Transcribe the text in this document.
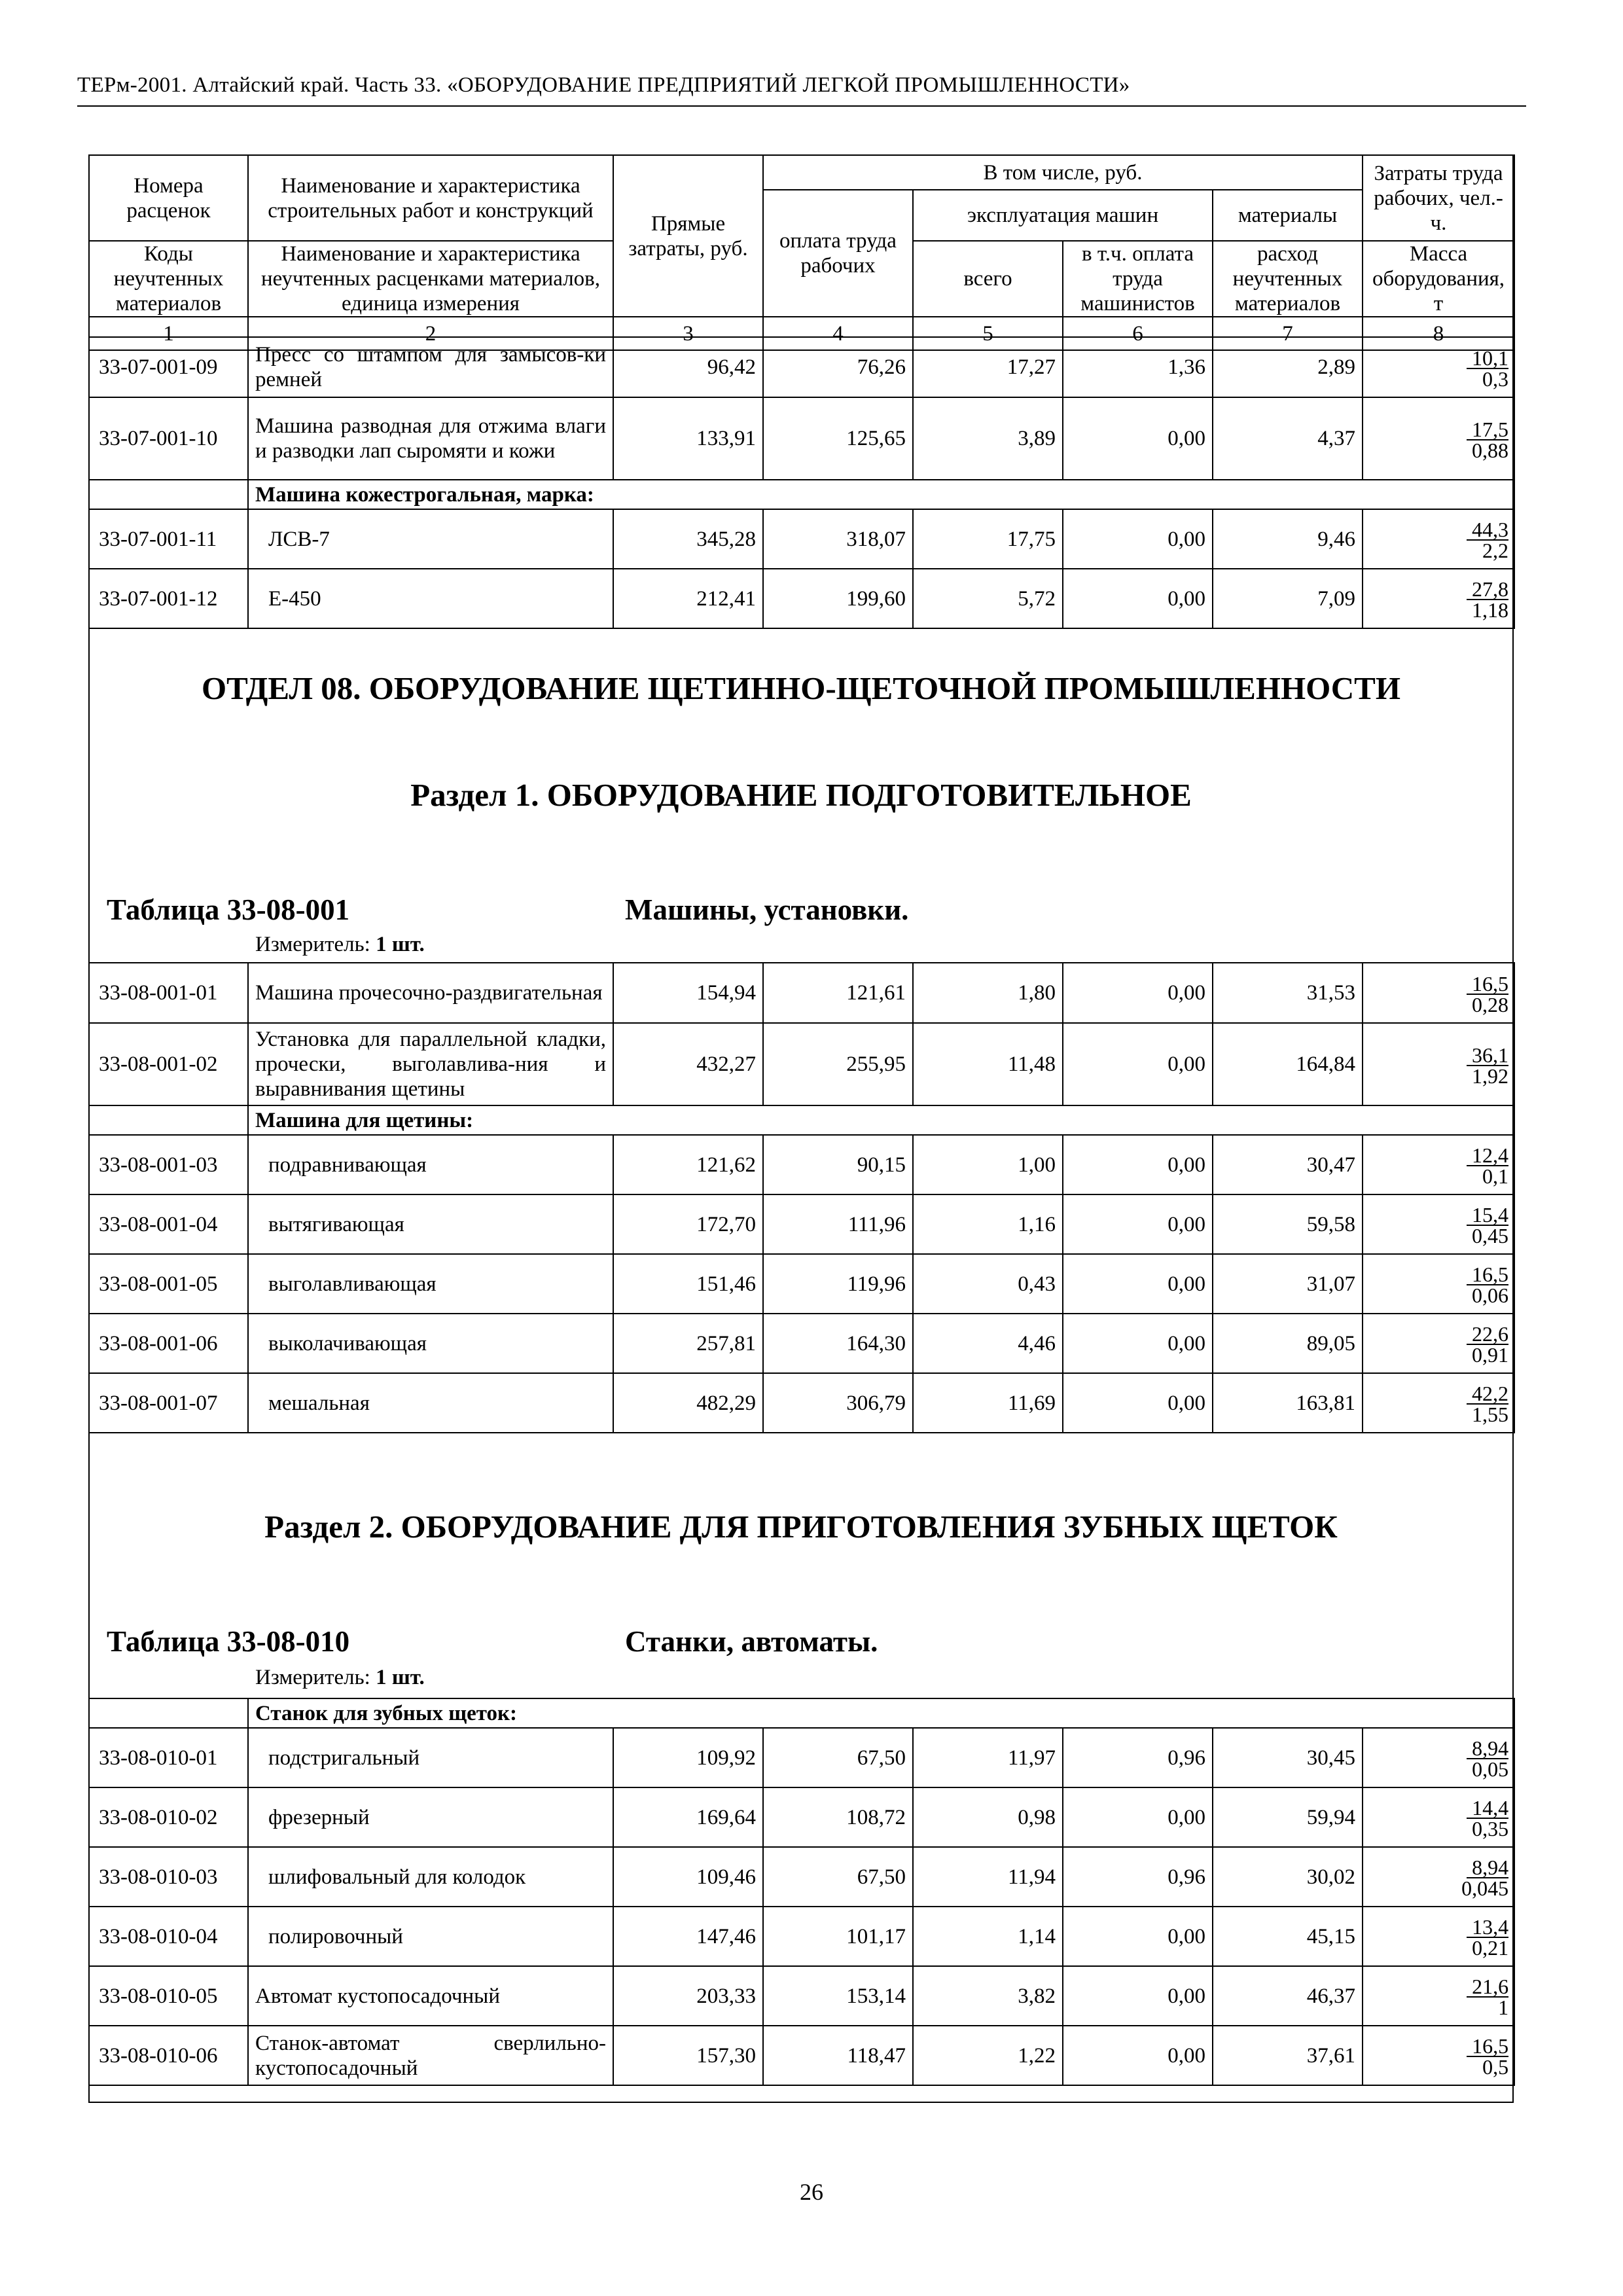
ТЕРм-2001. Алтайский край. Часть 33. «ОБОРУДОВАНИЕ ПРЕДПРИЯТИЙ ЛЕГКОЙ ПРОМЫШЛЕННОСТИ»
Номера расценок	Наименование и характеристика строительных работ и конструкций	Прямые затраты, руб.	В том числе, руб.				Затраты труда рабочих, чел.-ч.
			оплата труда рабочих	эксплуатация машин		материалы	
Коды неучтенных материалов	Наименование и характеристика неучтенных расценками материалов, единица измерения			всего	в т.ч. оплата труда машинистов	расход неучтенных материалов	Масса оборудования, т
1	2	3	4	5	6	7	8
33-07-001-09	Пресс со штампом для замысов-ки ремней	96,42	76,26	17,27	1,36	2,89	$\frac{10,1}{0,3}$

33-07-001-10	Машина разводная для отжима влаги и разводки лап сыромяти и кожи	133,91	125,65	3,89	0,00	4,37	$\frac{17,5}{0,88}$

	Машина кожестрогальная, марка:						
33-07-001-11	ЛСВ-7	345,28	318,07	17,75	0,00	9,46	$\frac{44,3}{2,2}$

33-07-001-12	Е-450	212,41	199,60	5,72	0,00	7,09	$\frac{27,8}{1,18}$
ОТДЕЛ 08. ОБОРУДОВАНИЕ ЩЕТИННО-ЩЕТОЧНОЙ ПРОМЫШЛЕННОСТИ
Раздел 1. ОБОРУДОВАНИЕ ПОДГОТОВИТЕЛЬНОЕ
Таблица 33-08-001	Машины, установки.
Измеритель: 1 шт.
33-08-001-01	Машина прочесочно-раздвигательная	154,94	121,61	1,80	0,00	31,53	$\frac{16,5}{0,28}$

33-08-001-02	Установка для параллельной кладки, прочески, выголавлива-ния и выравнивания щетины	432,27	255,95	11,48	0,00	164,84	$\frac{36,1}{1,92}$

	Машина для щетины:						
33-08-001-03	подравнивающая	121,62	90,15	1,00	0,00	30,47	$\frac{12,4}{0,1}$

33-08-001-04	вытягивающая	172,70	111,96	1,16	0,00	59,58	$\frac{15,4}{0,45}$

33-08-001-05	выголавливающая	151,46	119,96	0,43	0,00	31,07	$\frac{16,5}{0,06}$

33-08-001-06	выколачивающая	257,81	164,30	4,46	0,00	89,05	$\frac{22,6}{0,91}$

33-08-001-07	мешальная	482,29	306,79	11,69	0,00	163,81	$\frac{42,2}{1,55}$
Раздел 2. ОБОРУДОВАНИЕ ДЛЯ ПРИГОТОВЛЕНИЯ ЗУБНЫХ ЩЕТОК
Таблица 33-08-010	Станки, автоматы.
Измеритель: 1 шт.
	Станок для зубных щеток:						
33-08-010-01	подстригальный	109,92	67,50	11,97	0,96	30,45	$\frac{8,94}{0,05}$

33-08-010-02	фрезерный	169,64	108,72	0,98	0,00	59,94	$\frac{14,4}{0,35}$

33-08-010-03	шлифовальный для колодок	109,46	67,50	11,94	0,96	30,02	$\frac{8,94}{0,045}$

33-08-010-04	полировочный	147,46	101,17	1,14	0,00	45,15	$\frac{13,4}{0,21}$

33-08-010-05	Автомат кустопосадочный	203,33	153,14	3,82	0,00	46,37	$\frac{21,6}{1}$

33-08-010-06	Станок-автомат сверлильно-кустопосадочный	157,30	118,47	1,22	0,00	37,61	$\frac{16,5}{0,5}$
26
